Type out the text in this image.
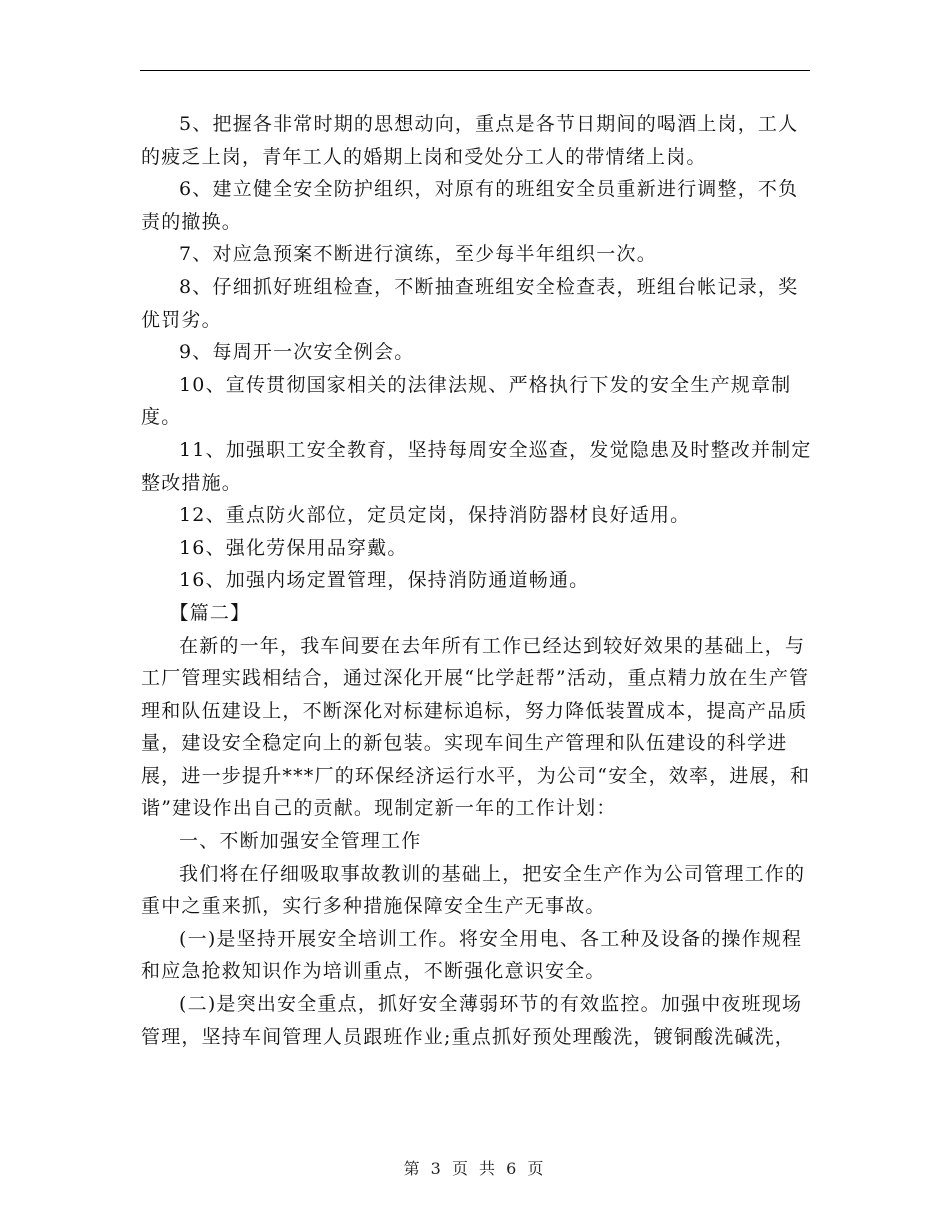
5、把握各非常时期的思想动向，重点是各节日期间的喝酒上岗，工人的疲乏上岗，青年工人的婚期上岗和受处分工人的带情绪上岗。

6、建立健全安全防护组织，对原有的班组安全员重新进行调整，不负责的撤换。

7、对应急预案不断进行演练，至少每半年组织一次。

8、仔细抓好班组检查，不断抽查班组安全检查表，班组台帐记录，奖优罚劣。

9、每周开一次安全例会。

10、宣传贯彻国家相关的法律法规、严格执行下发的安全生产规章制度。

11、加强职工安全教育，坚持每周安全巡查，发觉隐患及时整改并制定整改措施。

12、重点防火部位，定员定岗，保持消防器材良好适用。

16、强化劳保用品穿戴。

16、加强内场定置管理，保持消防通道畅通。

【篇二】

在新的一年，我车间要在去年所有工作已经达到较好效果的基础上，与工厂管理实践相结合，通过深化开展“比学赶帮”活动，重点精力放在生产管理和队伍建设上，不断深化对标建标追标，努力降低装置成本，提高产品质量，建设安全稳定向上的新包装。实现车间生产管理和队伍建设的科学进展，进一步提升***厂的环保经济运行水平，为公司“安全，效率，进展，和谐”建设作出自己的贡献。现制定新一年的工作计划：

一、不断加强安全管理工作

我们将在仔细吸取事故教训的基础上，把安全生产作为公司管理工作的重中之重来抓，实行多种措施保障安全生产无事故。

(一)是坚持开展安全培训工作。将安全用电、各工种及设备的操作规程和应急抢救知识作为培训重点，不断强化意识安全。

(二)是突出安全重点，抓好安全薄弱环节的有效监控。加强中夜班现场管理，坚持车间管理人员跟班作业;重点抓好预处理酸洗，镀铜酸洗碱洗，

第 3 页 共 6 页
